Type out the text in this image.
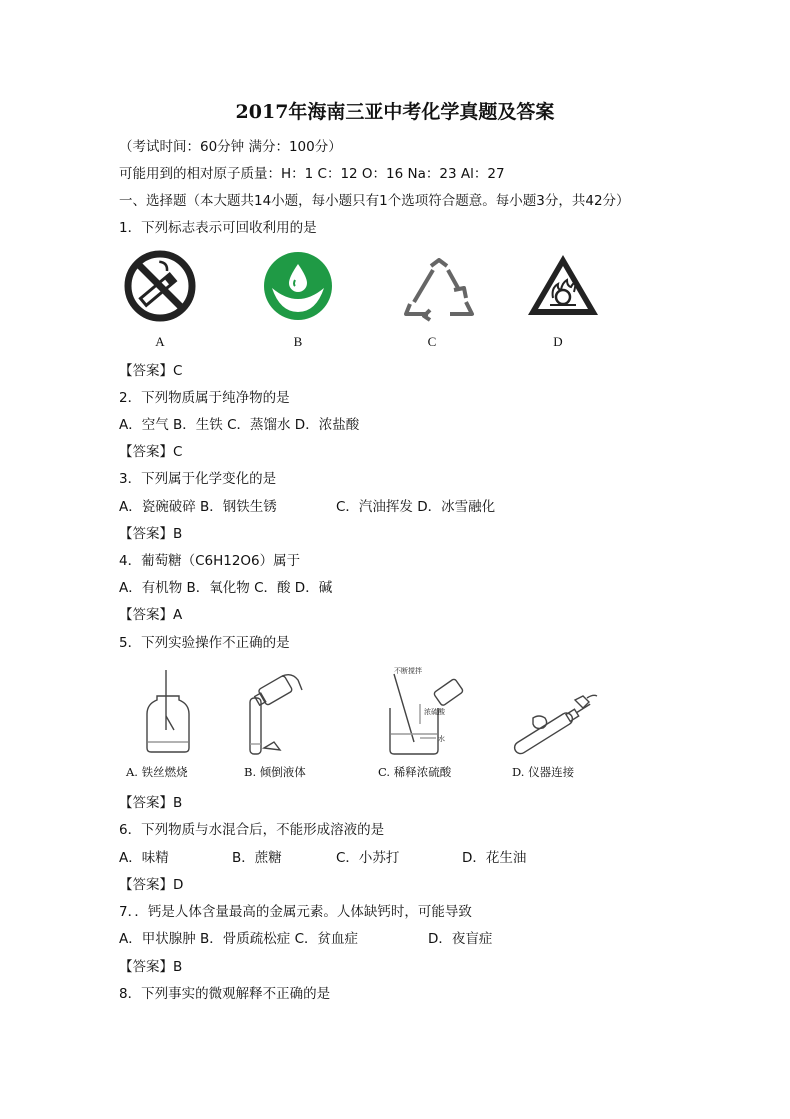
2017年海南三亚中考化学真题及答案
（考试时间：60分钟 满分：100分）
可能用到的相对原子质量：H：1 C：12 O：16 Na：23 Al：27
一、选择题（本大题共14小题，每小题只有1个选项符合题意。每小题3分，共42分）
1．下列标志表示可回收利用的是
A	B	C	D
【答案】C
2．下列物质属于纯净物的是
A．空气 B．生铁 C．蒸馏水 D．浓盐酸
【答案】C
3．下列属于化学变化的是
A．瓷碗破碎 B．钢铁生锈	C．汽油挥发 D．冰雪融化
【答案】B
4．葡萄糖（C6H12O6）属于
A．有机物 B．氧化物 C．酸 D．碱
【答案】A
5．下列实验操作不正确的是
A. 铁丝燃烧	B. 倾倒液体
不断搅拌
浓硫酸
水
C. 稀释浓硫酸	D. 仪器连接
【答案】B
6．下列物质与水混合后，不能形成溶液的是
A．味精	B．蔗糖	C．小苏打	D．花生油
【答案】D
7．．钙是人体含量最高的金属元素。人体缺钙时，可能导致
A．甲状腺肿 B．骨质疏松症 C．贫血症	D．夜盲症
【答案】B
8．下列事实的微观解释不正确的是
